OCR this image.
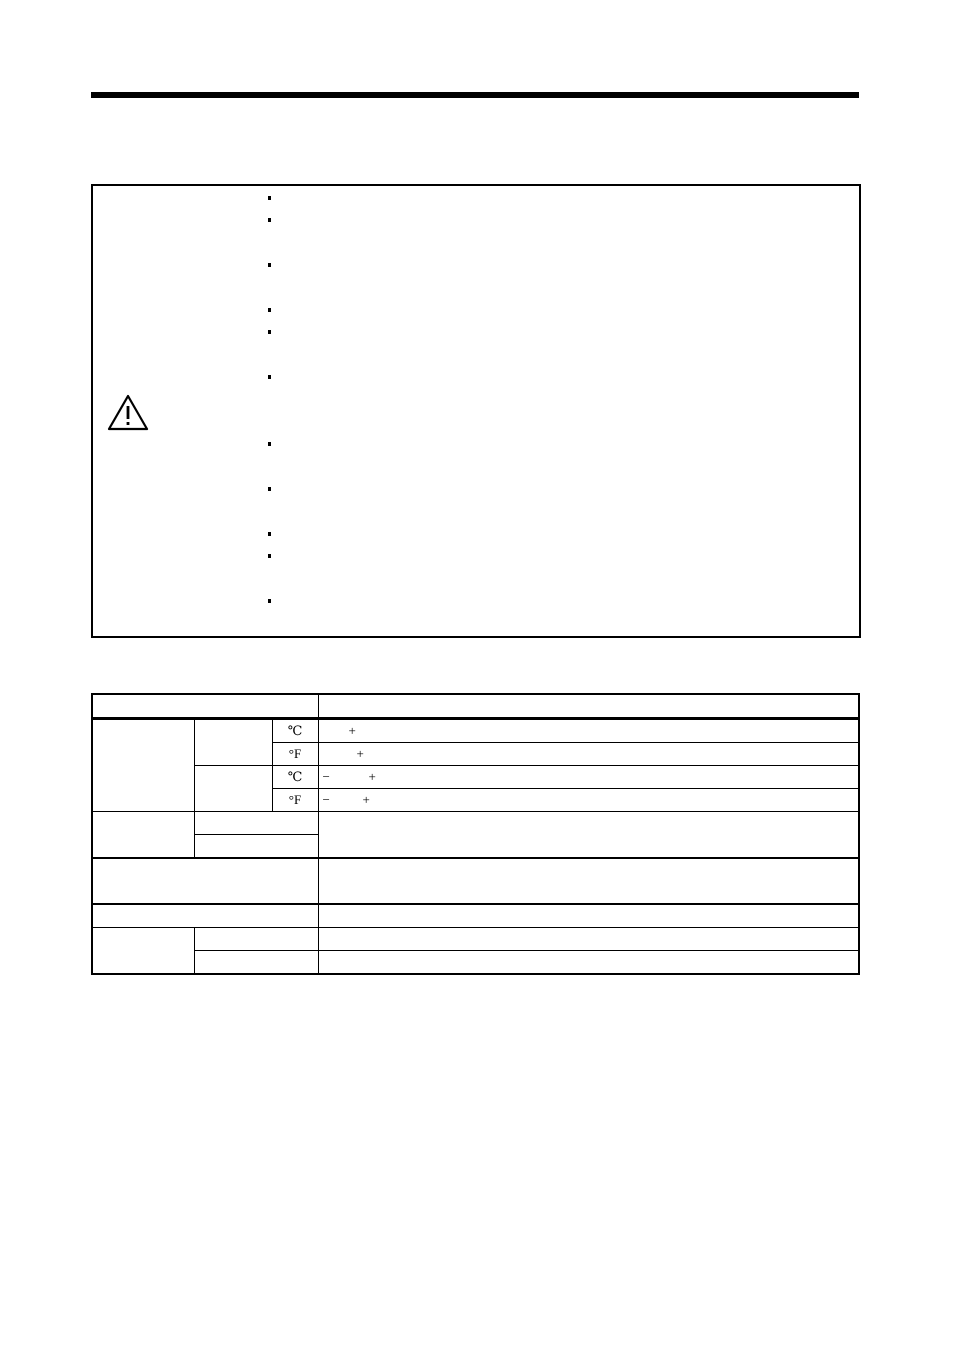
		℃	+
		°F	+
		℃	− +
		°F	− +
